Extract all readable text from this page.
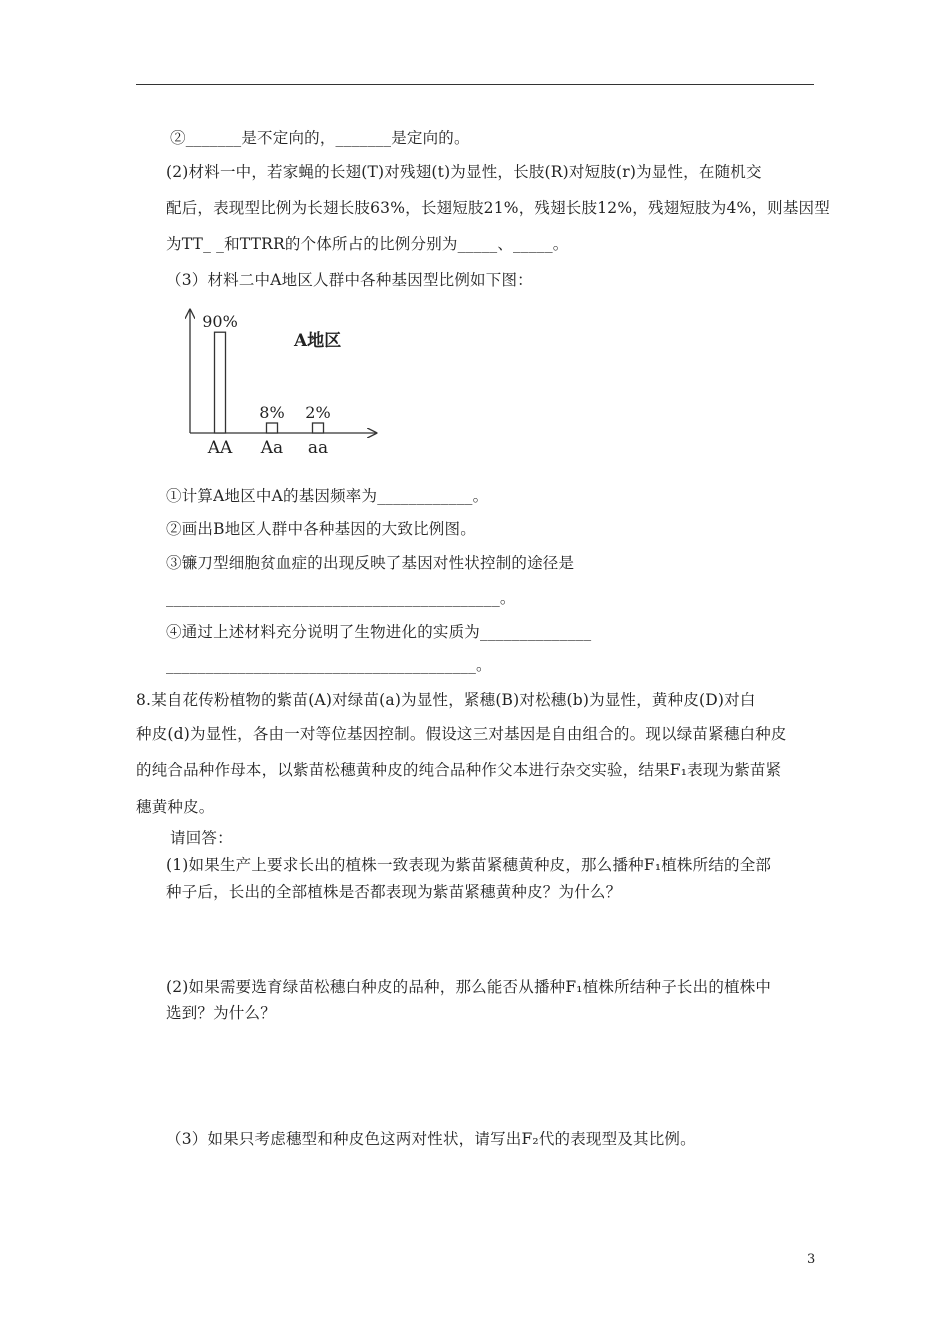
②_______是不定向的，_______是定向的。
(2)材料一中，若家蝇的长翅(T)对残翅(t)为显性，长肢(R)对短肢(r)为显性，在随机交
配后，表现型比例为长翅长肢63%，长翅短肢21%，残翅长肢12%，残翅短肢为4%，则基因型
为TT_ _和TTRR的个体所占的比例分别为_____、_____。
（3）材料二中A地区人群中各种基因型比例如下图：
A地区
90%
AA
8%
Aa
2%
aa
①计算A地区中A的基因频率为____________。
②画出B地区人群中各种基因的大致比例图。
③镰刀型细胞贫血症的出现反映了基因对性状控制的途径是
__________________________________________。
④通过上述材料充分说明了生物进化的实质为______________
_______________________________________。
8.某自花传粉植物的紫苗(A)对绿苗(a)为显性，紧穗(B)对松穗(b)为显性，黄种皮(D)对白
种皮(d)为显性，各由一对等位基因控制。假设这三对基因是自由组合的。现以绿苗紧穗白种皮
的纯合品种作母本，以紫苗松穗黄种皮的纯合品种作父本进行杂交实验，结果F₁表现为紫苗紧
穗黄种皮。
请回答：
(1)如果生产上要求长出的植株一致表现为紫苗紧穗黄种皮，那么播种F₁植株所结的全部
种子后，长出的全部植株是否都表现为紫苗紧穗黄种皮？为什么？
(2)如果需要选育绿苗松穗白种皮的品种，那么能否从播种F₁植株所结种子长出的植株中
选到？为什么？
（3）如果只考虑穗型和种皮色这两对性状，请写出F₂代的表现型及其比例。
3
